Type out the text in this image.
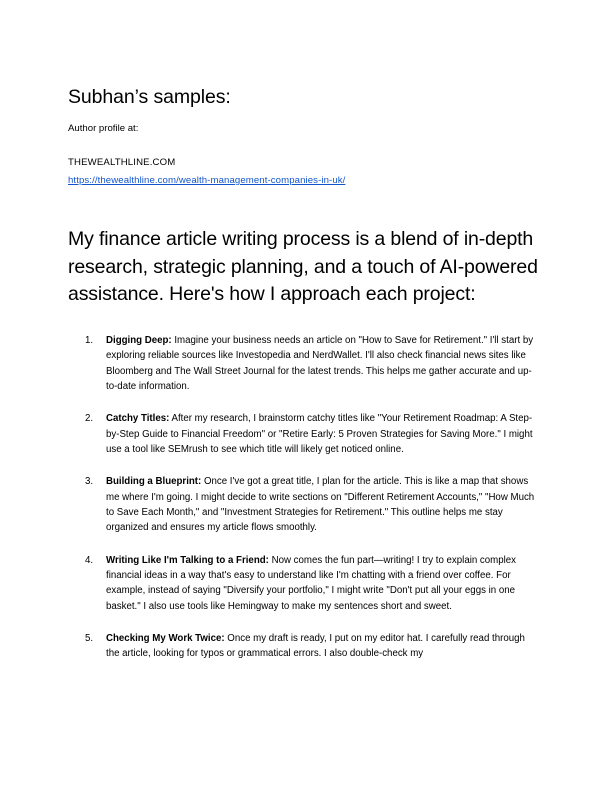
Subhan’s samples:

Author profile at:

THEWEALTHLINE.COM

https://thewealthline.com/wealth-management-companies-in-uk/
My finance article writing process is a blend of in-depth research, strategic planning, and a touch of AI-powered assistance. Here's how I approach each project:
Digging Deep: Imagine your business needs an article on "How to Save for Retirement." I'll start by exploring reliable sources like Investopedia and NerdWallet. I'll also check financial news sites like Bloomberg and The Wall Street Journal for the latest trends. This helps me gather accurate and up-to-date information.
Catchy Titles: After my research, I brainstorm catchy titles like "Your Retirement Roadmap: A Step-by-Step Guide to Financial Freedom" or "Retire Early: 5 Proven Strategies for Saving More." I might use a tool like SEMrush to see which title will likely get noticed online.
Building a Blueprint: Once I've got a great title, I plan for the article. This is like a map that shows me where I'm going. I might decide to write sections on "Different Retirement Accounts," "How Much to Save Each Month," and "Investment Strategies for Retirement." This outline helps me stay organized and ensures my article flows smoothly.
Writing Like I'm Talking to a Friend: Now comes the fun part—writing! I try to explain complex financial ideas in a way that's easy to understand like I'm chatting with a friend over coffee. For example, instead of saying "Diversify your portfolio," I might write "Don't put all your eggs in one basket." I also use tools like Hemingway to make my sentences short and sweet.
Checking My Work Twice: Once my draft is ready, I put on my editor hat. I carefully read through the article, looking for typos or grammatical errors. I also double-check my
